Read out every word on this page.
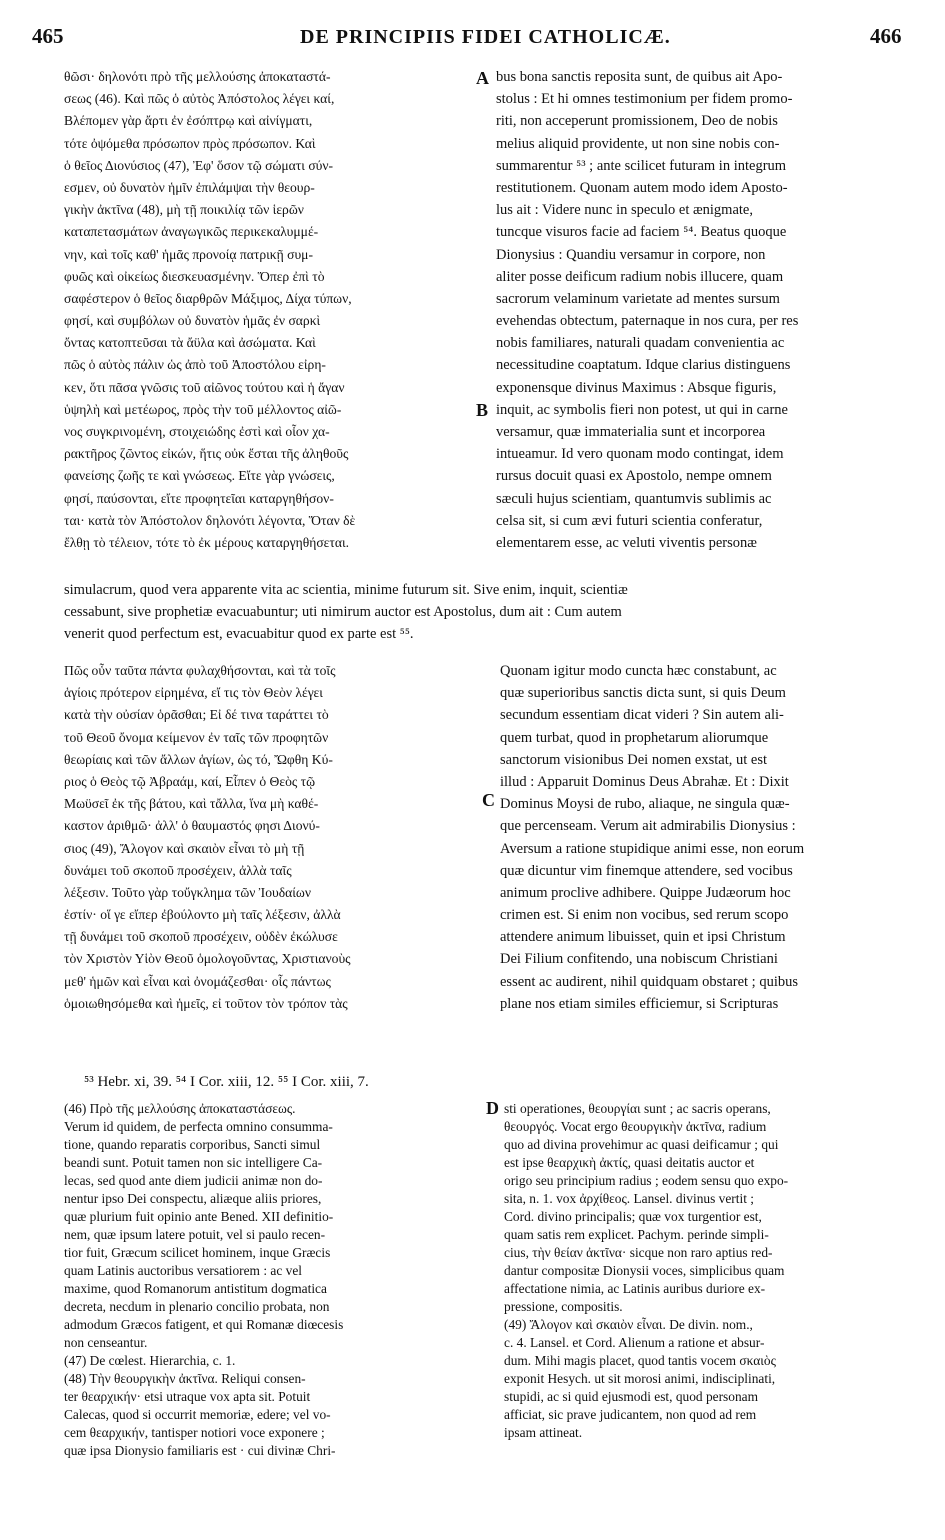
465	DE PRINCIPIIS FIDEI CATHOLICÆ.	466
θῶσι· δηλονότι πρὸ τῆς μελλούσης ἀποκαταστά-
σεως (46). Καὶ πῶς ὁ αὐτὸς Ἀπόστολος λέγει καί,
Βλέπομεν γὰρ ἄρτι ἐν ἐσόπτρῳ καὶ αἰνίγματι,
τότε ὀψόμεθα πρόσωπον πρὸς πρόσωπον. Καὶ
ὁ θεῖος Διονύσιος (47), Ἐφ' ὅσον τῷ σώματι σύν-
εσμεν, οὐ δυνατὸν ἡμῖν ἐπιλάμψαι τὴν θεουρ-
γικὴν ἀκτῖνα (48), μὴ τῇ ποικιλίᾳ τῶν ἱερῶν
καταπετασμάτων ἀναγωγικῶς περικεκαλυμμέ-
νην, καὶ τοῖς καθ' ἡμᾶς προνοίᾳ πατρικῇ συμ-
φυῶς καὶ οἰκείως διεσκευασμένην. Ὅπερ ἐπὶ τὸ
σαφέστερον ὁ θεῖος διαρθρῶν Μάξιμος, Δίχα τύπων,
φησί, καὶ συμβόλων οὐ δυνατὸν ἡμᾶς ἐν σαρκὶ
ὄντας κατοπτεῦσαι τὰ ἄϋλα καὶ ἀσώματα. Καὶ
πῶς ὁ αὐτὸς πάλιν ὡς ἀπὸ τοῦ Ἀποστόλου εἰρη-
κεν, ὅτι πᾶσα γνῶσις τοῦ αἰῶνος τούτου καὶ ἡ ἄγαν
ὑψηλὴ καὶ μετέωρος, πρὸς τὴν τοῦ μέλλοντος αἰῶ-
νος συγκρινομένη, στοιχειώδης ἐστὶ καὶ οἷον χα-
ρακτῆρος ζῶντος εἰκών, ἥτις οὐκ ἔσται τῆς ἀληθοῦς
φανείσης ζωῆς τε καὶ γνώσεως. Εἴτε γὰρ γνώσεις,
φησί, παύσονται, εἴτε προφητεῖαι καταργηθήσον-
ται· κατὰ τὸν Ἀπόστολον δηλονότι λέγοντα, Ὅταν δὲ
ἔλθῃ τὸ τέλειον, τότε τὸ ἐκ μέρους καταργηθήσεται.
bus bona sanctis reposita sunt, de quibus ait Apo-
stolus : Et hi omnes testimonium per fidem promo-
riti, non acceperunt promissionem, Deo de nobis
melius aliquid providente, ut non sine nobis con-
summarentur ⁵³ ; ante scilicet futuram in integrum
restitutionem. Quonam autem modo idem Aposto-
lus ait : Videre nunc in speculo et ænigmate,
tuncque visuros facie ad faciem ⁵⁴. Beatus quoque
Dionysius : Quandiu versamur in corpore, non
aliter posse deificum radium nobis illucere, quam
sacrorum velaminum varietate ad mentes sursum
evehendas obtectum, paternaque in nos cura, per res
nobis familiares, naturali quadam convenientia ac
necessitudine coaptatum. Idque clarius distinguens
exponensque divinus Maximus : Absque figuris,
inquit, ac symbolis fieri non potest, ut qui in carne
versamur, quæ immaterialia sunt et incorporea
intueamur. Id vero quonam modo contingat, idem
rursus docuit quasi ex Apostolo, nempe omnem
sæculi hujus scientiam, quantumvis sublimis ac
celsa sit, si cum ævi futuri scientia conferatur,
elementarem esse, ac veluti viventis personæ
A
B
C
D
simulacrum, quod vera apparente vita ac scientia, minime futurum sit. Sive enim, inquit, scientiæ
cessabunt, sive prophetiæ evacuabuntur; uti nimirum auctor est Apostolus, dum ait : Cum autem
venerit quod perfectum est, evacuabitur quod ex parte est ⁵⁵.
Πῶς οὖν ταῦτα πάντα φυλαχθήσονται, καὶ τὰ τοῖς
ἁγίοις πρότερον εἰρημένα, εἴ τις τὸν Θεὸν λέγει
κατὰ τὴν οὐσίαν ὁρᾶσθαι; Εἰ δέ τινα ταράττει τὸ
τοῦ Θεοῦ ὄνομα κείμενον ἐν ταῖς τῶν προφητῶν
θεωρίαις καὶ τῶν ἄλλων ἁγίων, ὡς τό, Ὤφθη Κύ-
ριος ὁ Θεὸς τῷ Ἀβραάμ, καί, Εἶπεν ὁ Θεὸς τῷ
Μωϋσεῖ ἐκ τῆς βάτου, καὶ τἄλλα, ἵνα μὴ καθέ-
καστον ἀριθμῶ· ἀλλ' ὁ θαυμαστός φησι Διονύ-
σιος (49), Ἄλογον καὶ σκαιὸν εἶναι τὸ μὴ τῇ
δυνάμει τοῦ σκοποῦ προσέχειν, ἀλλὰ ταῖς
λέξεσιν. Τοῦτο γὰρ τοὔγκλημα τῶν Ἰουδαίων
ἐστίν· οἵ γε εἴπερ ἐβούλοντο μὴ ταῖς λέξεσιν, ἀλλὰ
τῇ δυνάμει τοῦ σκοποῦ προσέχειν, οὐδὲν ἐκώλυσε
τὸν Χριστὸν Υἱὸν Θεοῦ ὁμολογοῦντας, Χριστιανοὺς
μεθ' ἡμῶν καὶ εἶναι καὶ ὀνομάζεσθαι· οἷς πάντως
ὁμοιωθησόμεθα καὶ ἡμεῖς, εἰ τοῦτον τὸν τρόπον τὰς
Quonam igitur modo cuncta hæc constabunt, ac
quæ superioribus sanctis dicta sunt, si quis Deum
secundum essentiam dicat videri ? Sin autem ali-
quem turbat, quod in prophetarum aliorumque
sanctorum visionibus Dei nomen exstat, ut est
illud : Apparuit Dominus Deus Abrahæ. Et : Dixit
Dominus Moysi de rubo, aliaque, ne singula quæ-
que percenseam. Verum ait admirabilis Dionysius :
Aversum a ratione stupidique animi esse, non eorum
quæ dicuntur vim finemque attendere, sed vocibus
animum proclive adhibere. Quippe Judæorum hoc
crimen est. Si enim non vocibus, sed rerum scopo
attendere animum libuisset, quin et ipsi Christum
Dei Filium confitendo, una nobiscum Christiani
essent ac audirent, nihil quidquam obstaret ; quibus
plane nos etiam similes efficiemur, si Scripturas
⁵³ Hebr. xi, 39. ⁵⁴ I Cor. xiii, 12. ⁵⁵ I Cor. xiii, 7.
(46) Πρὸ τῆς μελλούσης ἀποκαταστάσεως.
Verum id quidem, de perfecta omnino consumma-
tione, quando reparatis corporibus, Sancti simul
beandi sunt. Potuit tamen non sic intelligere Ca-
lecas, sed quod ante diem judicii animæ non do-
nentur ipso Dei conspectu, aliæque aliis priores,
quæ plurium fuit opinio ante Bened. XII definitio-
nem, quæ ipsum latere potuit, vel si paulo recen-
tior fuit, Græcum scilicet hominem, inque Græcis
quam Latinis auctoribus versatiorem : ac vel
maxime, quod Romanorum antistitum dogmatica
decreta, necdum in plenario concilio probata, non
admodum Græcos fatigent, et qui Romanæ diœcesis
non censeantur.
(47) De cœlest. Hierarchia, c. 1.
(48) Τὴν θεουργικὴν ἀκτῖνα. Reliqui consen-
ter θεαρχικήν· etsi utraque vox apta sit. Potuit
Calecas, quod si occurrit memoriæ, edere; vel vo-
cem θεαρχικήν, tantisper notiori voce exponere ;
quæ ipsa Dionysio familiaris est · cui divinæ Chri-
sti operationes, θεουργίαι sunt ; ac sacris operans,
θεουργός. Vocat ergo θεουργικὴν ἀκτῖνα, radium
quo ad divina provehimur ac quasi deificamur ; qui
est ipse θεαρχικὴ ἀκτίς, quasi deitatis auctor et
origo seu principium radius ; eodem sensu quo expo-
sita, n. 1. vox ἀρχίθεος. Lansel. divinus vertit ;
Cord. divino principalis; quæ vox turgentior est,
quam satis rem explicet. Pachym. perinde simpli-
cius, τὴν θείαν ἀκτῖνα· sicque non raro aptius red-
dantur compositæ Dionysii voces, simplicibus quam
affectatione nimia, ac Latinis auribus duriore ex-
pressione, compositis.
(49) Ἄλογον καὶ σκαιὸν εἶναι. De divin. nom.,
c. 4. Lansel. et Cord. Alienum a ratione et absur-
dum. Mihi magis placet, quod tantis vocem σκαιὸς
exponit Hesych. ut sit morosi animi, indisciplinati,
stupidi, ac si quid ejusmodi est, quod personam
afficiat, sic prave judicantem, non quod ad rem
ipsam attineat.
